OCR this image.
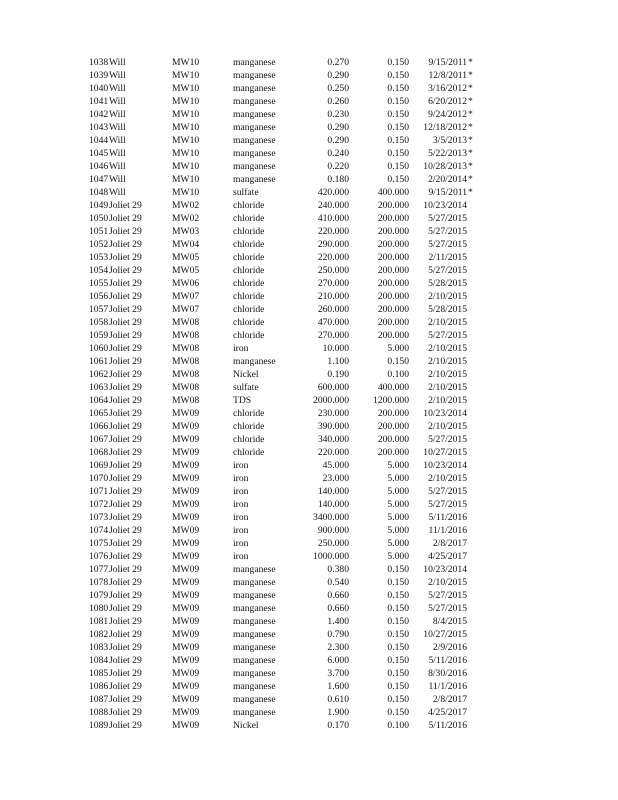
1038 Will	MW10	manganese	0.270	0.150	9/15/2011 *
1039 Will	MW10	manganese	0.290	0.150	12/8/2011 *
1040 Will	MW10	manganese	0.250	0.150	3/16/2012 *
1041 Will	MW10	manganese	0.260	0.150	6/20/2012 *
1042 Will	MW10	manganese	0.230	0.150	9/24/2012 *
1043 Will	MW10	manganese	0.290	0.150	12/18/2012 *
1044 Will	MW10	manganese	0.290	0.150	3/5/2013 *
1045 Will	MW10	manganese	0.240	0.150	5/22/2013 *
1046 Will	MW10	manganese	0.220	0.150	10/28/2013 *
1047 Will	MW10	manganese	0.180	0.150	2/20/2014 *
1048 Will	MW10	sulfate	420.000	400.000	9/15/2011 *
1049 Joliet 29	MW02	chloride	240.000	200.000	10/23/2014
1050 Joliet 29	MW02	chloride	410.000	200.000	5/27/2015
1051 Joliet 29	MW03	chloride	220.000	200.000	5/27/2015
1052 Joliet 29	MW04	chloride	290.000	200.000	5/27/2015
1053 Joliet 29	MW05	chloride	220.000	200.000	2/11/2015
1054 Joliet 29	MW05	chloride	250.000	200.000	5/27/2015
1055 Joliet 29	MW06	chloride	270.000	200.000	5/28/2015
1056 Joliet 29	MW07	chloride	210.000	200.000	2/10/2015
1057 Joliet 29	MW07	chloride	260.000	200.000	5/28/2015
1058 Joliet 29	MW08	chloride	470.000	200.000	2/10/2015
1059 Joliet 29	MW08	chloride	270.000	200.000	5/27/2015
1060 Joliet 29	MW08	iron	10.000	5.000	2/10/2015
1061 Joliet 29	MW08	manganese	1.100	0.150	2/10/2015
1062 Joliet 29	MW08	Nickel	0.190	0.100	2/10/2015
1063 Joliet 29	MW08	sulfate	600.000	400.000	2/10/2015
1064 Joliet 29	MW08	TDS	2000.000	1200.000	2/10/2015
1065 Joliet 29	MW09	chloride	230.000	200.000	10/23/2014
1066 Joliet 29	MW09	chloride	390.000	200.000	2/10/2015
1067 Joliet 29	MW09	chloride	340.000	200.000	5/27/2015
1068 Joliet 29	MW09	chloride	220.000	200.000	10/27/2015
1069 Joliet 29	MW09	iron	45.000	5.000	10/23/2014
1070 Joliet 29	MW09	iron	23.000	5.000	2/10/2015
1071 Joliet 29	MW09	iron	140.000	5.000	5/27/2015
1072 Joliet 29	MW09	iron	140.000	5.000	5/27/2015
1073 Joliet 29	MW09	iron	3400.000	5.000	5/11/2016
1074 Joliet 29	MW09	iron	900.000	5.000	11/1/2016
1075 Joliet 29	MW09	iron	250.000	5.000	2/8/2017
1076 Joliet 29	MW09	iron	1000.000	5.000	4/25/2017
1077 Joliet 29	MW09	manganese	0.380	0.150	10/23/2014
1078 Joliet 29	MW09	manganese	0.540	0.150	2/10/2015
1079 Joliet 29	MW09	manganese	0.660	0.150	5/27/2015
1080 Joliet 29	MW09	manganese	0.660	0.150	5/27/2015
1081 Joliet 29	MW09	manganese	1.400	0.150	8/4/2015
1082 Joliet 29	MW09	manganese	0.790	0.150	10/27/2015
1083 Joliet 29	MW09	manganese	2.300	0.150	2/9/2016
1084 Joliet 29	MW09	manganese	6.000	0.150	5/11/2016
1085 Joliet 29	MW09	manganese	3.700	0.150	8/30/2016
1086 Joliet 29	MW09	manganese	1.600	0.150	11/1/2016
1087 Joliet 29	MW09	manganese	0.610	0.150	2/8/2017
1088 Joliet 29	MW09	manganese	1.900	0.150	4/25/2017
1089 Joliet 29	MW09	Nickel	0.170	0.100	5/11/2016
